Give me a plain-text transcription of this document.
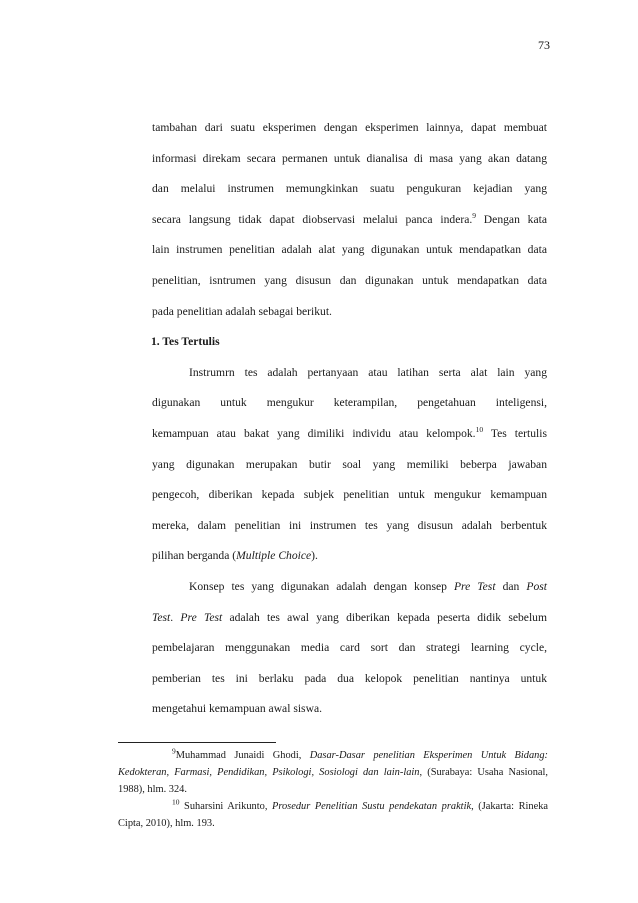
73
tambahan dari suatu eksperimen dengan eksperimen lainnya, dapat membuat
informasi direkam secara permanen untuk dianalisa di masa yang akan datang
dan melalui instrumen memungkinkan suatu pengukuran kejadian yang
secara langsung tidak dapat diobservasi melalui panca indera.$^9$ Dengan kata
lain instrumen penelitian adalah alat yang digunakan untuk mendapatkan data
penelitian, isntrumen yang disusun dan digunakan untuk mendapatkan data
pada penelitian adalah sebagai berikut.
1. Tes Tertulis
Instrumrn tes adalah pertanyaan atau latihan serta alat lain yang
digunakan untuk mengukur keterampilan, pengetahuan inteligensi,
kemampuan atau bakat yang dimiliki individu atau kelompok.$^{10}$ Tes tertulis
yang digunakan merupakan butir soal yang memiliki beberpa jawaban
pengecoh, diberikan kepada subjek penelitian untuk mengukur kemampuan
mereka, dalam penelitian ini instrumen tes yang disusun adalah berbentuk
pilihan berganda (Multiple Choice).
Konsep tes yang digunakan adalah dengan konsep Pre Test dan Post
Test. Pre Test adalah tes awal yang diberikan kepada peserta didik sebelum
pembelajaran menggunakan media card sort dan strategi learning cycle,
pemberian tes ini berlaku pada dua kelopok penelitian nantinya untuk
mengetahui kemampuan awal siswa.
$^9$Muhammad Junaidi Ghodi, Dasar-Dasar penelitian Eksperimen Untuk Bidang:
Kedokteran, Farmasi, Pendidikan, Psikologi, Sosiologi dan lain-lain, (Surabaya: Usaha Nasional,
1988), hlm. 324.
$^{10}$ Suharsini Arikunto, Prosedur Penelitian Sustu pendekatan praktik, (Jakarta: Rineka
Cipta, 2010), hlm. 193.
